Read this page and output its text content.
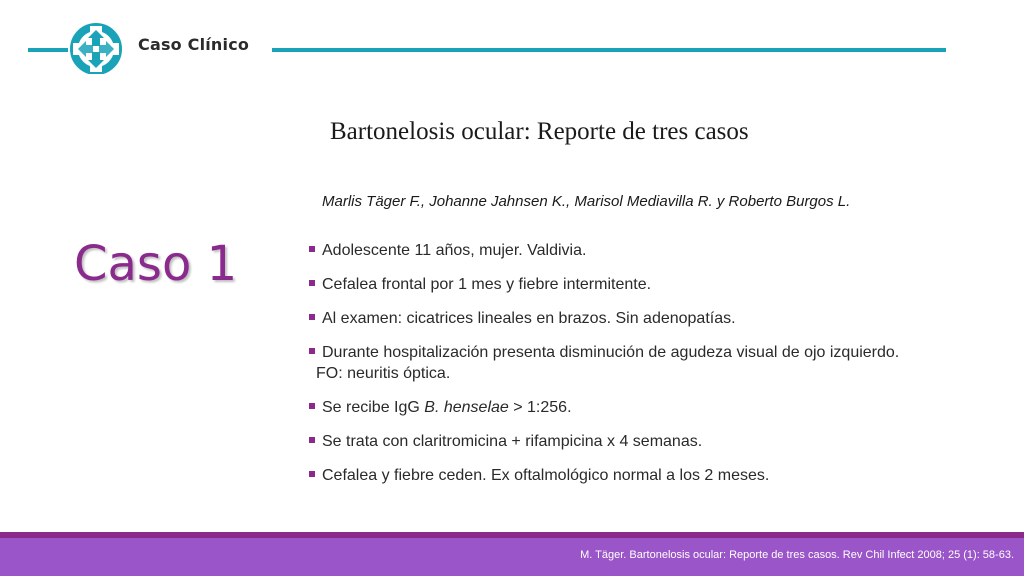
Caso Clínico
Bartonelosis ocular: Reporte de tres casos
Marlis Täger F., Johanne Jahnsen K., Marisol Mediavilla R. y Roberto Burgos L.
Caso 1	Adolescente 11 años, mujer. Valdivia.
Cefalea frontal por 1 mes y fiebre intermitente.
Al examen: cicatrices lineales en brazos. Sin adenopatías.
Durante hospitalización presenta disminución de agudeza visual de ojo izquierdo.
FO: neuritis óptica.
Se recibe IgG B. henselae > 1:256.
Se trata con claritromicina + rifampicina x 4 semanas.
Cefalea y fiebre ceden. Ex oftalmológico normal a los 2 meses.
M. Täger. Bartonelosis ocular: Reporte de tres casos. Rev Chil Infect 2008; 25 (1): 58-63.
